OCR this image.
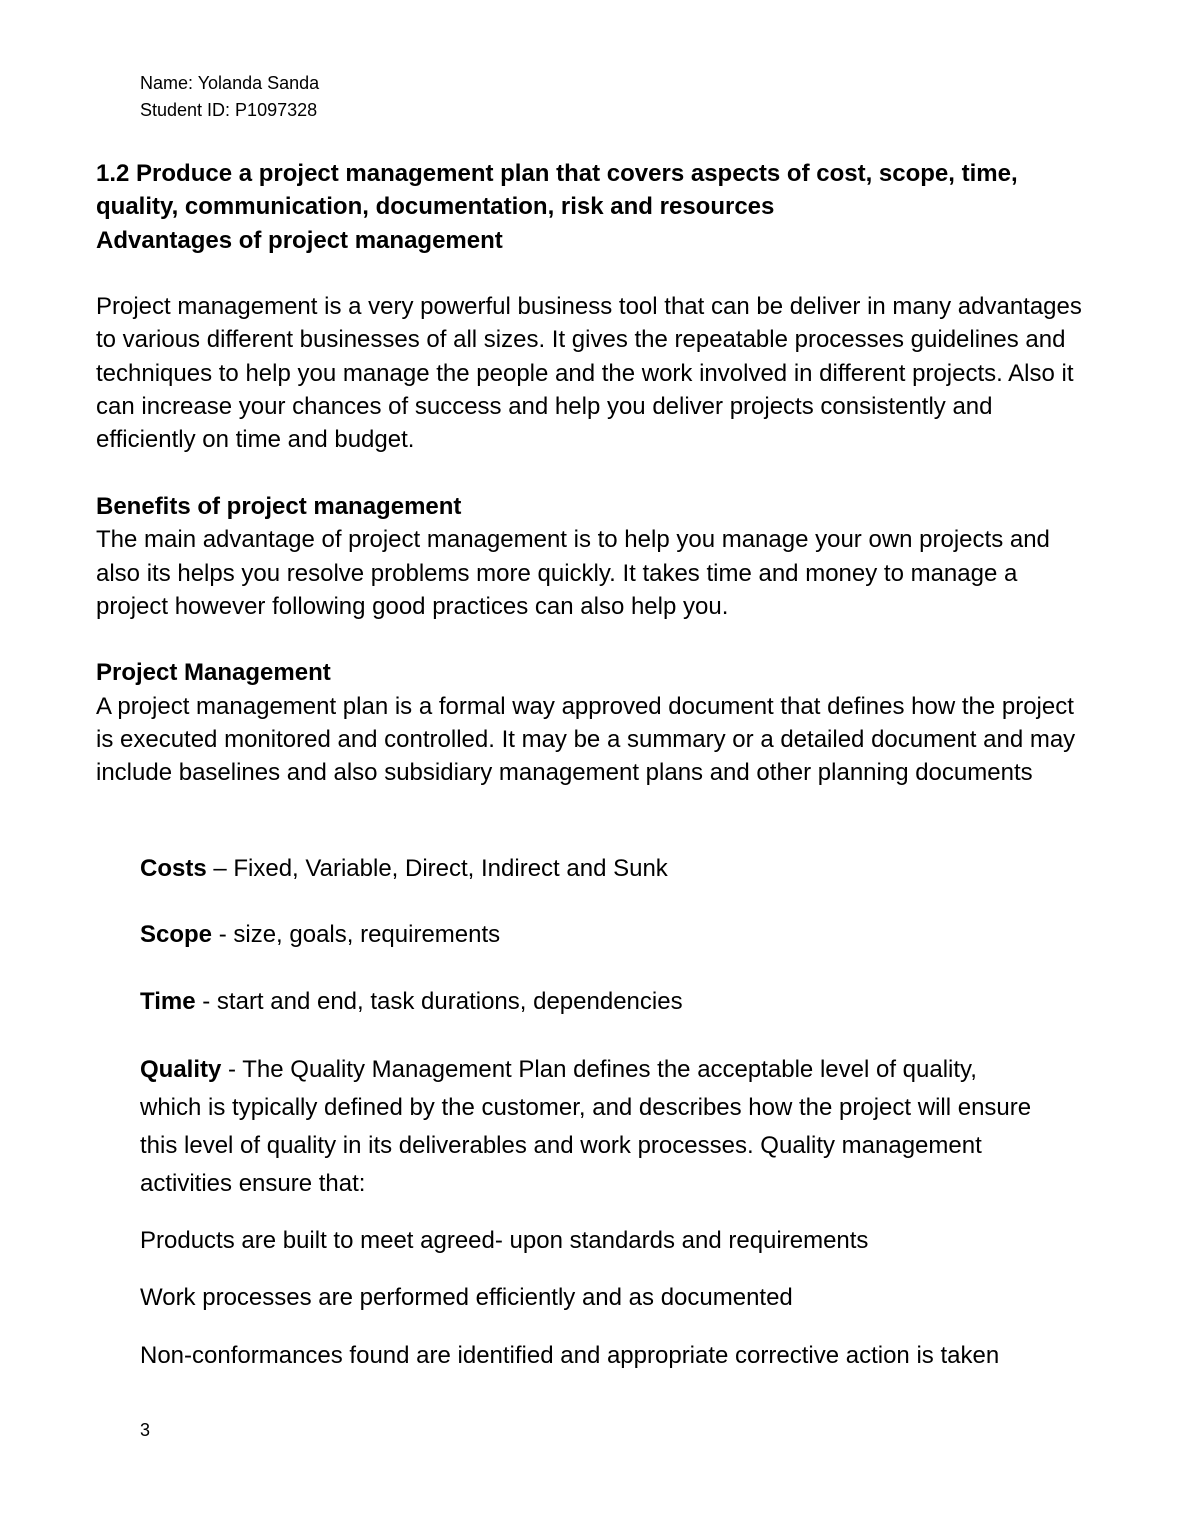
Name: Yolanda Sanda
Student ID: P1097328

1.2 Produce a project management plan that covers aspects of cost, scope, time,

quality, communication, documentation, risk and resources

Advantages of project management

Project management is a very powerful business tool that can be deliver in many advantages to various different businesses of all sizes. It gives the repeatable processes guidelines and techniques to help you manage the people and the work involved in different projects. Also it can increase your chances of success and help you deliver projects consistently and efficiently on time and budget.

Benefits of project management

The main advantage of project management is to help you manage your own projects and also its helps you resolve problems more quickly. It takes time and money to manage a project however following good practices can also help you.

Project Management

A project management plan is a formal way approved document that defines how the project is executed monitored and controlled. It may be a summary or a detailed document and may include baselines and also subsidiary management plans and other planning documents

Costs – Fixed, Variable, Direct, Indirect and Sunk
Scope - size, goals, requirements
Time - start and end, task durations, dependencies
Quality - The Quality Management Plan defines the acceptable level of quality, which is typically defined by the customer, and describes how the project will ensure this level of quality in its deliverables and work processes. Quality management activities ensure that:
Products are built to meet agreed- upon standards and requirements
Work processes are performed efficiently and as documented
Non-conformances found are identified and appropriate corrective action is taken
3
